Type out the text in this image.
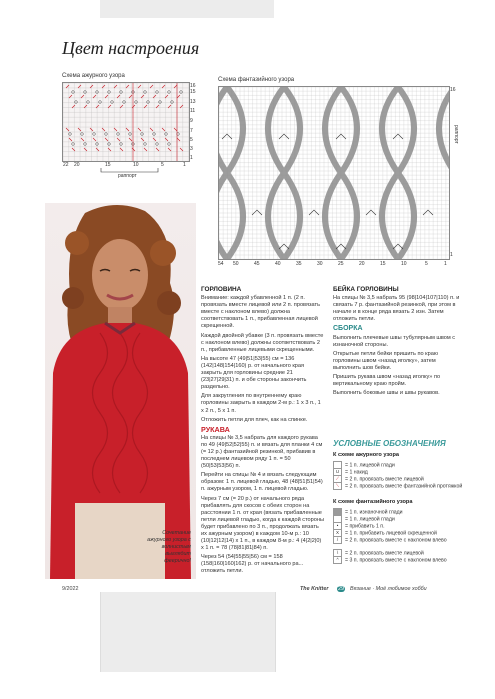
Цвет настроения
Схема ажурного узора
16
15
13
11
9
7
5
3
1
22 20	15	10	5	1
раппорт
Схема фантазийного узора
16
1
раппорт
54 50	45	40	35	30	25	20	15	10	5	1
Сочетание ажурного узора с волнистым выглядит феерично!

ГОРЛОВИНА

Внимание: каждой убавленной 1 п. (2 п. провязать вместе лицевой или 2 п. провязать вместе с наклоном влево) должна соответствовать 1 п., прибавленная лицевой скрещенной.

Каждой двойной убавке (3 п. провязать вместе с наклоном влево) должны соответствовать 2 п., прибавленные лицевыми скрещенными.

На высоте 47 (49|51|53|55) см = 136 (142|148|154|160) р. от начального края закрыть для горловины средние 21 (23|27|29|31) п. и обе стороны закончить раздельно.

Для закругления по внутреннему краю горловины закрыть в каждом 2-м р.: 1 х 3 п., 1 х 2 п., 5 х 1 п.

Отложить петли для плеч, как на спинке.

РУКАВА

На спицы № 3,5 набрать для каждого рукава по 49 (49|52|52|55) п. и вязать для планки 4 см (= 12 р.) фантазийной резинкой, прибавив в последнем лицевом ряду 1 п. = 50 (50|53|53|56) п.

Перейти на спицы № 4 и вязать следующим образом: 1 п. лицевой гладью, 48 (48|51|51|54) п. ажурным узором, 1 п. лицевой гладью.

Через 7 см (= 20 р.) от начального ряда прибавлять для скосов с обеих сторон на расстоянии 1 п. от края (вязать прибавленные петли лицевой гладью, когда к каждой стороны будет прибавлено по 3 п., продолжать вязать их ажурным узором) в каждом 10-м р.: 10 (10|12|12|14) х 1 п., в каждом 8-м р.: 4 (4|2|2|0) х 1 п. = 78 (78|81|81|84) п.

Через 54 (54|55|55|56) см = 158 (158|160|160|162) р. от начального ра... отложить петли.

БЕЙКА ГОРЛОВИНЫ

На спицы № 3,5 набрать 95 (98|104|107|110) п. и связать 7 р. фантазийной резинкой, при этом в начале и в конце ряда вязать 2 изн. Затем отложить петли.

СБОРКА

Выполнить плечевые швы тубулярным швом с изнаночной стороны.

Открытые петли бейки пришить по краю горловины швом «назад иголку», затем выполнить шов бейки.

Пришить рукава швом «назад иголку» по вертикальному краю пройм.

Выполнить боковые швы и швы рукавов.

УСЛОВНЫЕ ОБОЗНАЧЕНИЯ
К схеме ажурного узора
= 1 п. лицевой глади
U = 1 накид
⟋ = 2 п. провязать вместе лицевой
⟍ = 2 п. провязать вместе фантазийной протяжкой
К схеме фантазийного узора
= 1 п. изнаночной глади
= 1 п. лицевой глади
• = прибавить 1 п.
X = 1 п. прибавить лицевой скрещенной
/ = 2 п. провязать вместе с наклоном влево
\ = 2 п. провязать вместе лицевой
^ = 3 п. провязать вместе с наклоном влево
9/2022	The Knitter 29 Вязание · Моё любимое хобби
